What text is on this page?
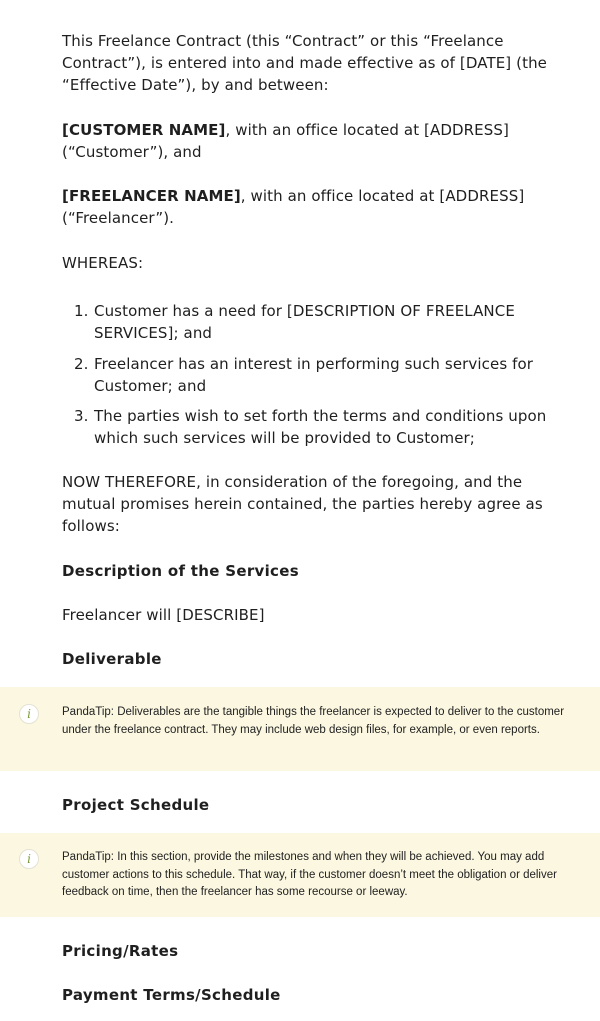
This Freelance Contract (this “Contract” or this “Freelance Contract”), is entered into and made effective as of [DATE] (the “Effective Date”), by and between:

[CUSTOMER NAME], with an office located at [ADDRESS] (“Customer”), and

[FREELANCER NAME], with an office located at [ADDRESS] (“Freelancer”).

WHEREAS:

1. Customer has a need for [DESCRIPTION OF FREELANCE SERVICES]; and
2. Freelancer has an interest in performing such services for Customer; and
3. The parties wish to set forth the terms and conditions upon which such services will be provided to Customer;

NOW THEREFORE, in consideration of the foregoing, and the mutual promises herein contained, the parties hereby agree as follows:

Description of the Services

Freelancer will [DESCRIBE]

Deliverable
i	PandaTip: Deliverables are the tangible things the freelancer is expected to deliver to the customer under the freelance contract. They may include web design files, for example, or even reports.
Project Schedule
i	PandaTip: In this section, provide the milestones and when they will be achieved. You may add customer actions to this schedule. That way, if the customer doesn’t meet the obligation or deliver feedback on time, then the freelancer has some recourse or leeway.
Pricing/Rates
Payment Terms/Schedule
